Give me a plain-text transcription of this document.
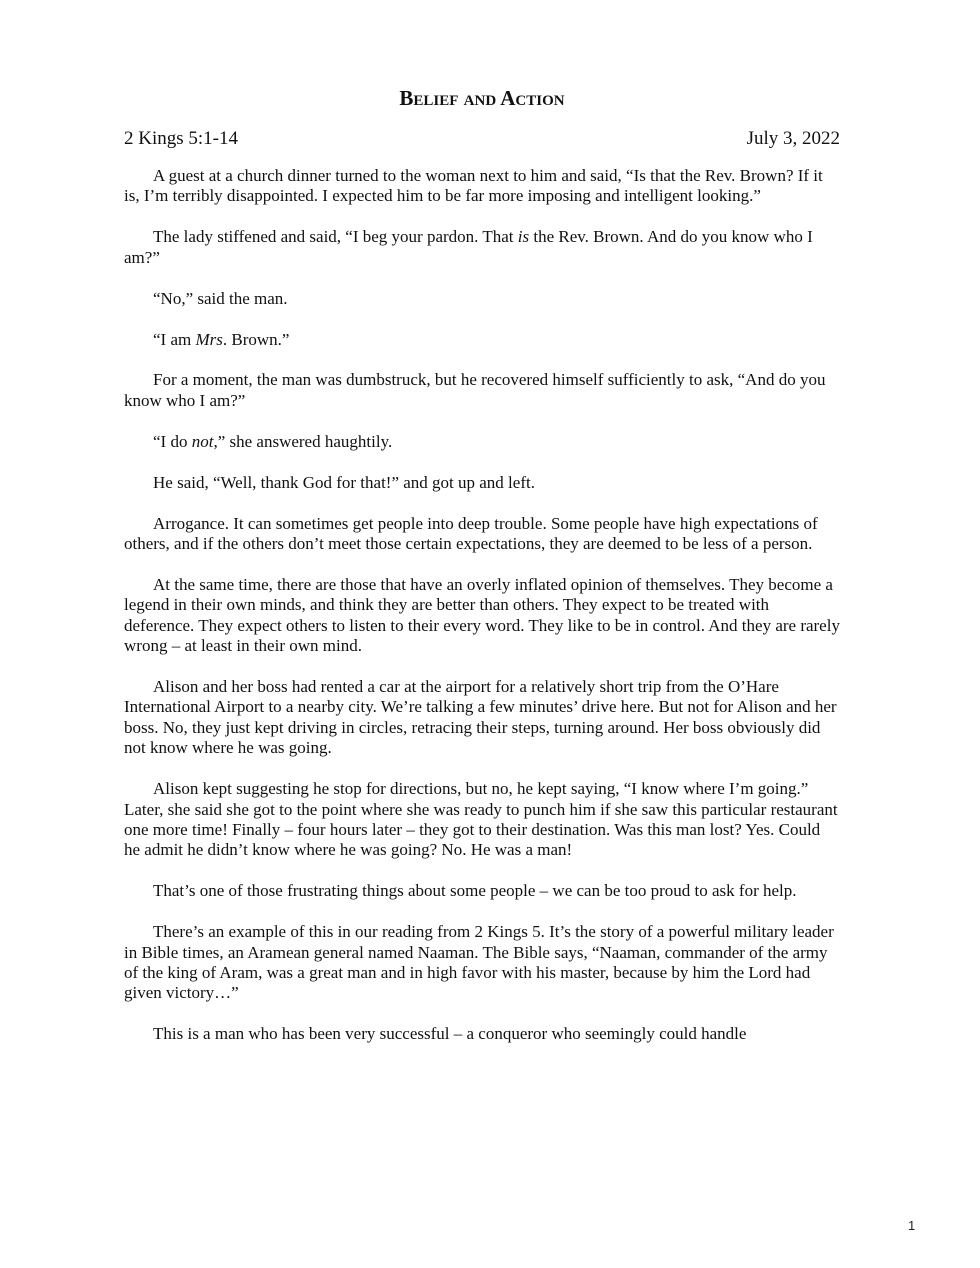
Belief and Action
2 Kings 5:1-14	July 3, 2022

A guest at a church dinner turned to the woman next to him and said, “Is that the Rev. Brown? If it is, I’m terribly disappointed. I expected him to be far more imposing and intelligent looking.”

The lady stiffened and said, “I beg your pardon. That is the Rev. Brown. And do you know who I am?”

“No,” said the man.

“I am Mrs. Brown.”

For a moment, the man was dumbstruck, but he recovered himself sufficiently to ask, “And do you know who I am?”

“I do not,” she answered haughtily.

He said, “Well, thank God for that!” and got up and left.

Arrogance. It can sometimes get people into deep trouble. Some people have high expectations of others, and if the others don’t meet those certain expectations, they are deemed to be less of a person.

At the same time, there are those that have an overly inflated opinion of themselves. They become a legend in their own minds, and think they are better than others. They expect to be treated with deference. They expect others to listen to their every word. They like to be in control. And they are rarely wrong – at least in their own mind.

Alison and her boss had rented a car at the airport for a relatively short trip from the O’Hare International Airport to a nearby city. We’re talking a few minutes’ drive here. But not for Alison and her boss. No, they just kept driving in circles, retracing their steps, turning around. Her boss obviously did not know where he was going.

Alison kept suggesting he stop for directions, but no, he kept saying, “I know where I’m going.” Later, she said she got to the point where she was ready to punch him if she saw this particular restaurant one more time! Finally – four hours later – they got to their destination. Was this man lost? Yes. Could he admit he didn’t know where he was going? No. He was a man!

That’s one of those frustrating things about some people – we can be too proud to ask for help.

There’s an example of this in our reading from 2 Kings 5. It’s the story of a powerful military leader in Bible times, an Aramean general named Naaman. The Bible says, “Naaman, commander of the army of the king of Aram, was a great man and in high favor with his master, because by him the Lord had given victory…”

This is a man who has been very successful – a conqueror who seemingly could handle

1
